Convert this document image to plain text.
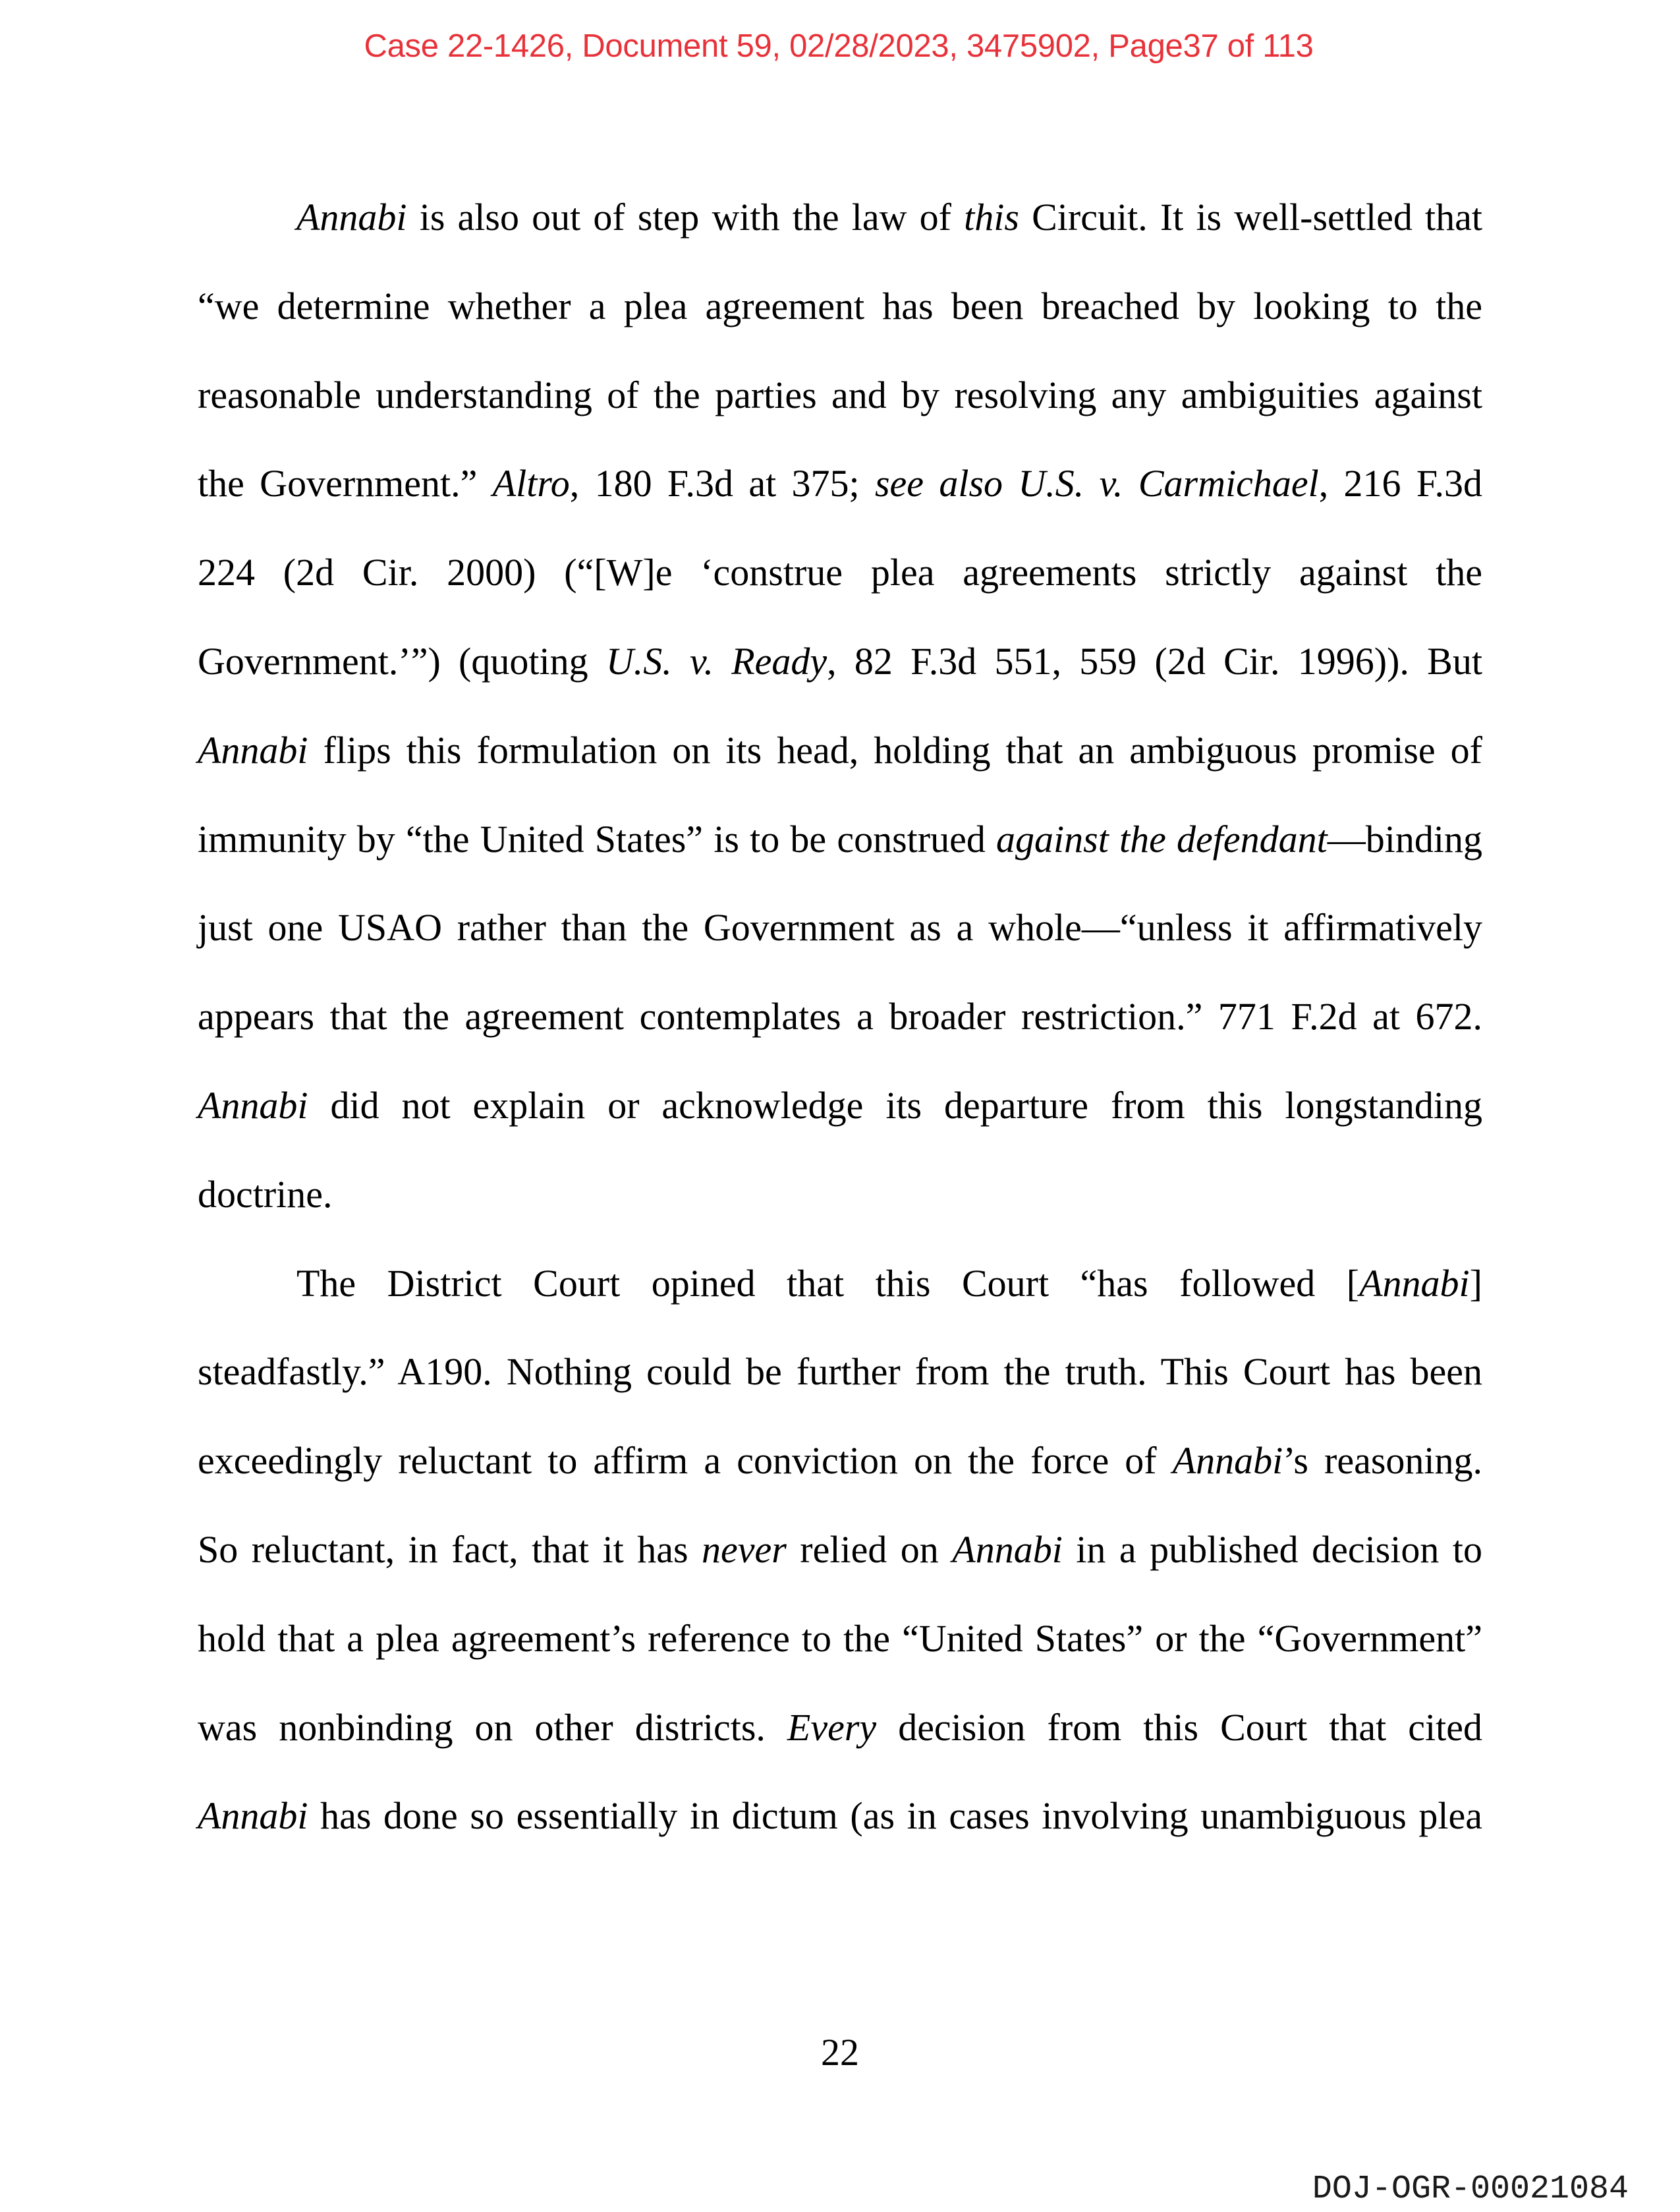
Case 22-1426, Document 59, 02/28/2023, 3475902, Page37 of 113
Annabi is also out of step with the law of this Circuit. It is well-settled that
“we determine whether a plea agreement has been breached by looking to the
reasonable understanding of the parties and by resolving any ambiguities against
the Government.” Altro, 180 F.3d at 375; see also U.S. v. Carmichael, 216 F.3d
224 (2d Cir. 2000) (“[W]e ‘construe plea agreements strictly against the
Government.’”) (quoting U.S. v. Ready, 82 F.3d 551, 559 (2d Cir. 1996)). But
Annabi flips this formulation on its head, holding that an ambiguous promise of
immunity by “the United States” is to be construed against the defendant—binding
just one USAO rather than the Government as a whole—“unless it affirmatively
appears that the agreement contemplates a broader restriction.” 771 F.2d at 672.
Annabi did not explain or acknowledge its departure from this longstanding
doctrine.
The District Court opined that this Court “has followed [Annabi]
steadfastly.” A190. Nothing could be further from the truth. This Court has been
exceedingly reluctant to affirm a conviction on the force of Annabi’s reasoning.
So reluctant, in fact, that it has never relied on Annabi in a published decision to
hold that a plea agreement’s reference to the “United States” or the “Government”
was nonbinding on other districts. Every decision from this Court that cited
Annabi has done so essentially in dictum (as in cases involving unambiguous plea
22
DOJ-OGR-00021084
